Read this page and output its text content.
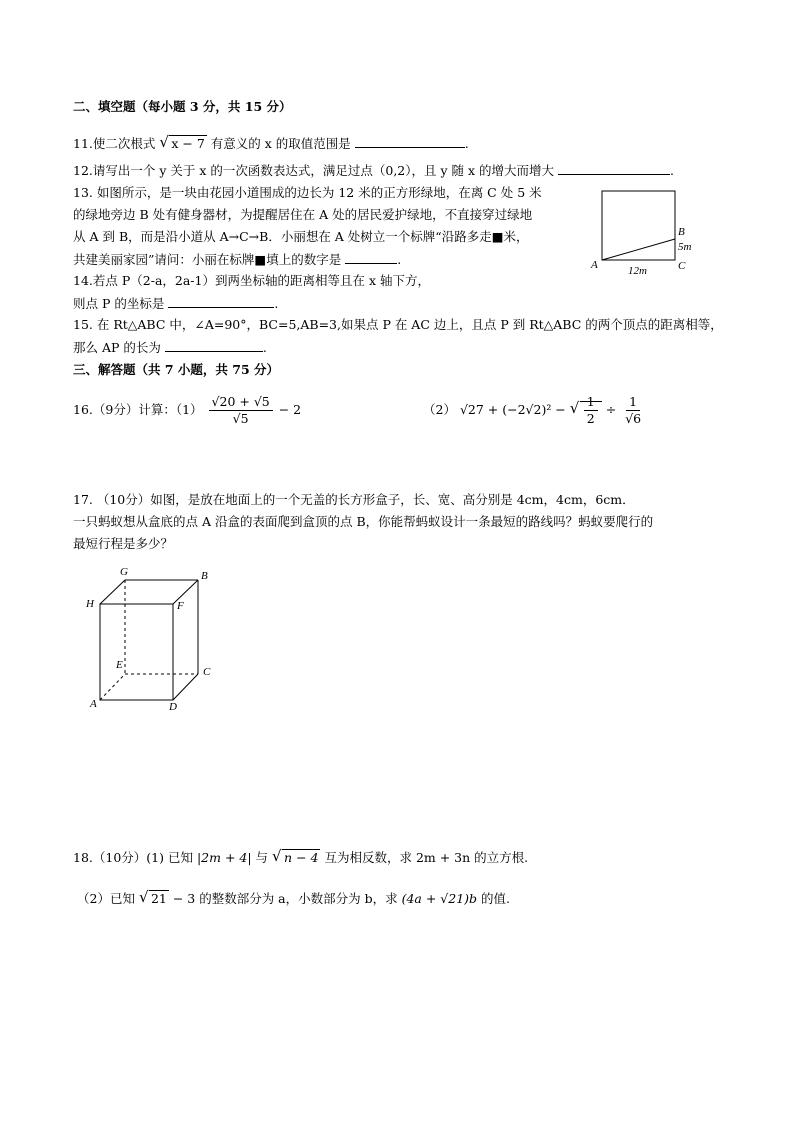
二、填空题（每小题 3 分，共 15 分）
11.使二次根式 √ x − 7 有意义的 x 的取值范围是	.
12.请写出一个 y 关于 x 的一次函数表达式，满足过点（0,2），且 y 随 x 的增大而增大	.
13. 如图所示，是一块由花园小道围成的边长为 12 米的正方形绿地，在离 C 处 5 米
的绿地旁边 B 处有健身器材，为提醒居住在 A 处的居民爱护绿地，不直接穿过绿地
从 A 到 B，而是沿小道从 A→C→B．小丽想在 A 处树立一个标牌“沿路多走■米，
共建美丽家园”请问：小丽在标牌■填上的数字是	.	A
B
C
5m
12m
14.若点 P（2-a，2a-1）到两坐标轴的距离相等且在 x 轴下方，
则点 P 的坐标是	.
15. 在 Rt△ABC 中，∠A=90°，BC=5,AB=3,如果点 P 在 AC 边上，且点 P 到 Rt△ABC 的两个顶点的距离相等，
那么 AP 的长为	.
三、解答题（共 7 小题，共 75 分）
16.（9分）计算：$(1) \frac{√20 + √5}{√5} - 2$	（2） √27 + (−2√2)² − √ $\frac{1}{2} \div \frac{1}{√6}$
17. （10分）如图，是放在地面上的一个无盖的长方形盒子，长、宽、高分别是 4cm，4cm，6cm．
一只蚂蚁想从盒底的点 A 沿盒的表面爬到盒顶的点 B，你能帮蚂蚁设计一条最短的路线吗？蚂蚁要爬行的
最短行程是多少？
G	B
H	F
E
C
A	D
18.（10分）(1) 已知 |2m + 4| 与 √ n − 4 互为相反数，求 2m + 3n 的立方根.
（2）已知 √ 21 − 3 的整数部分为 a，小数部分为 b，求 (4a + √21)b 的值.
